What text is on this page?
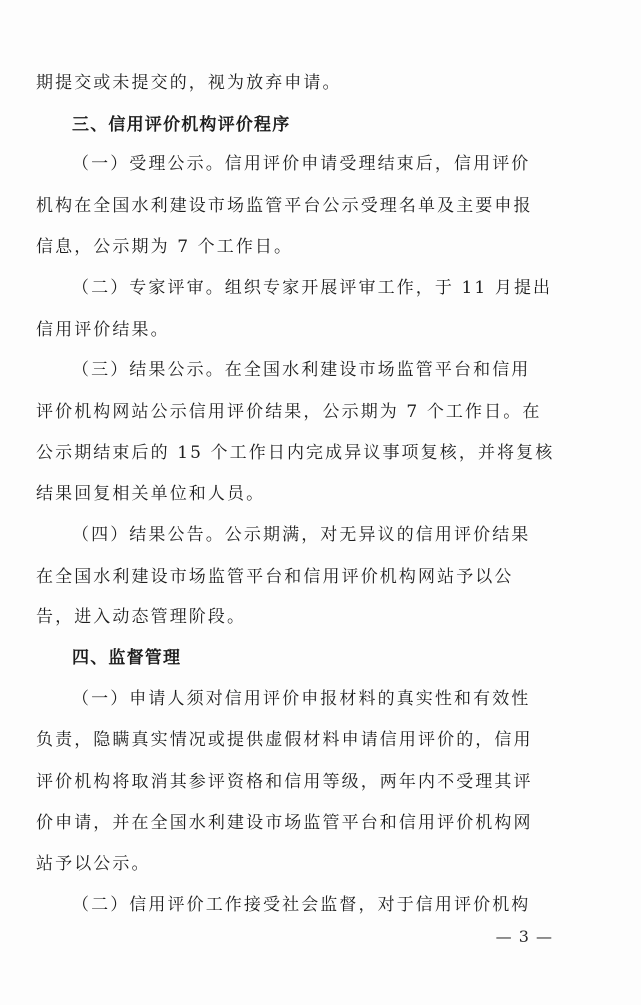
期提交或未提交的，视为放弃申请。
三、信用评价机构评价程序
（一）受理公示。信用评价申请受理结束后，信用评价
机构在全国水利建设市场监管平台公示受理名单及主要申报
信息，公示期为 7 个工作日。
（二）专家评审。组织专家开展评审工作，于 11 月提出
信用评价结果。
（三）结果公示。在全国水利建设市场监管平台和信用
评价机构网站公示信用评价结果，公示期为 7 个工作日。在
公示期结束后的 15 个工作日内完成异议事项复核，并将复核
结果回复相关单位和人员。
（四）结果公告。公示期满，对无异议的信用评价结果
在全国水利建设市场监管平台和信用评价机构网站予以公
告，进入动态管理阶段。
四、监督管理
（一）申请人须对信用评价申报材料的真实性和有效性
负责，隐瞒真实情况或提供虚假材料申请信用评价的，信用
评价机构将取消其参评资格和信用等级，两年内不受理其评
价申请，并在全国水利建设市场监管平台和信用评价机构网
站予以公示。
（二）信用评价工作接受社会监督，对于信用评价机构
— 3 —
